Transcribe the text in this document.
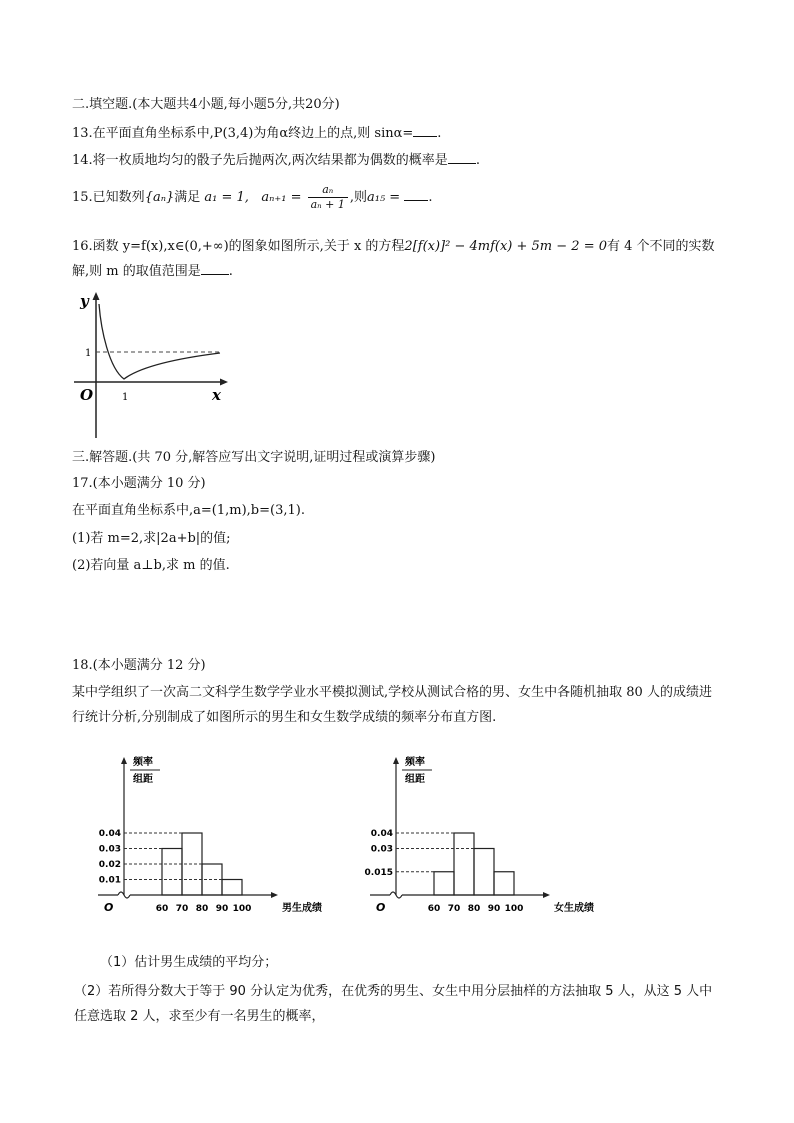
二.填空题.(本大题共4小题,每小题5分,共20分)
13.在平面直角坐标系中,P(3,4)为角α终边上的点,则 sinα= .
14.将一枚质地均匀的骰子先后抛两次,两次结果都为偶数的概率是 .
15.已知数列{aₙ}满足 a₁ = 1, $a_{n+1} = \frac{\text{aₙ}}{\text{aₙ + 1}}$ ,则a₁₅ = .
16.函数 y=f(x),x∈(0,+∞)的图象如图所示,关于 x 的方程2[f(x)]² − 4mf(x) + 5m − 2 = 0有 4 个不同的实数解,则 m 的取值范围是 .
y
1
O	1	x
三.解答题.(共 70 分,解答应写出文字说明,证明过程或演算步骤)
17.(本小题满分 10 分)
在平面直角坐标系中,a=(1,m),b=(3,1).
(1)若 m=2,求|2a+b|的值;
(2)若向量 a⊥b,求 m 的值.
18.(本小题满分 12 分)
某中学组织了一次高二文科学生数学学业水平模拟测试,学校从测试合格的男、女生中各随机抽取 80 人的成绩进行统计分析,分别制成了如图所示的男生和女生数学成绩的频率分布直方图.
频率
组距
0.04
0.03
0.02
0.01
60 70 80 90 100
O	男生成绩
频率
组距
0.04
0.03
0.015
60 70 80 90 100
O	女生成绩
（1）估计男生成绩的平均分；
（2）若所得分数大于等于 90 分认定为优秀，在优秀的男生、女生中用分层抽样的方法抽取 5 人，从这 5 人中任意选取 2 人，求至少有一名男生的概率，
